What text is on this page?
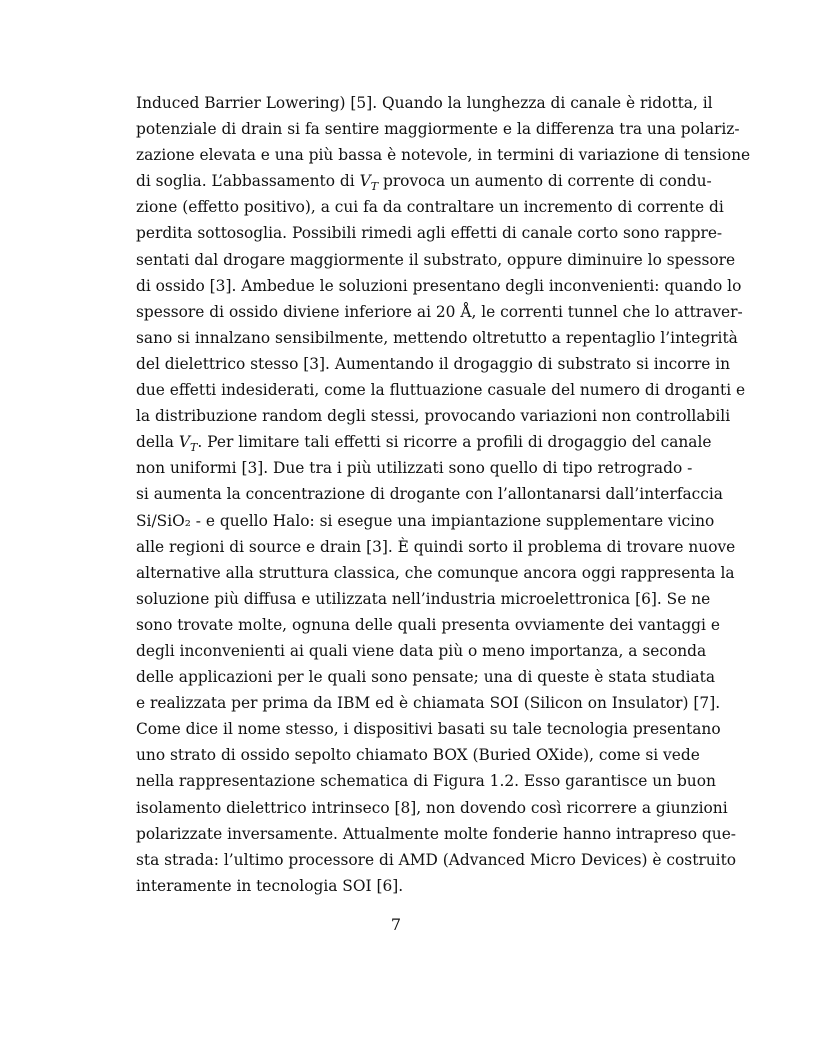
Induced Barrier Lowering) [5]. Quando la lunghezza di canale è ridotta, il
potenziale di drain si fa sentire maggiormente e la differenza tra una polariz-
zazione elevata e una più bassa è notevole, in termini di variazione di tensione
di soglia. L’abbassamento di $V_T$ provoca un aumento di corrente di condu-
zione (effetto positivo), a cui fa da contraltare un incremento di corrente di
perdita sottosoglia. Possibili rimedi agli effetti di canale corto sono rappre-
sentati dal drogare maggiormente il substrato, oppure diminuire lo spessore
di ossido [3]. Ambedue le soluzioni presentano degli inconvenienti: quando lo
spessore di ossido diviene inferiore ai 20 Å, le correnti tunnel che lo attraver-
sano si innalzano sensibilmente, mettendo oltretutto a repentaglio l’integrità
del dielettrico stesso [3]. Aumentando il drogaggio di substrato si incorre in
due effetti indesiderati, come la fluttuazione casuale del numero di droganti e
la distribuzione random degli stessi, provocando variazioni non controllabili
della $V_T$. Per limitare tali effetti si ricorre a profili di drogaggio del canale
non uniformi [3]. Due tra i più utilizzati sono quello di tipo retrogrado -
si aumenta la concentrazione di drogante con l’allontanarsi dall’interfaccia
Si/SiO₂ - e quello Halo: si esegue una impiantazione supplementare vicino
alle regioni di source e drain [3]. È quindi sorto il problema di trovare nuove
alternative alla struttura classica, che comunque ancora oggi rappresenta la
soluzione più diffusa e utilizzata nell’industria microelettronica [6]. Se ne
sono trovate molte, ognuna delle quali presenta ovviamente dei vantaggi e
degli inconvenienti ai quali viene data più o meno importanza, a seconda
delle applicazioni per le quali sono pensate; una di queste è stata studiata
e realizzata per prima da IBM ed è chiamata SOI (Silicon on Insulator) [7].
Come dice il nome stesso, i dispositivi basati su tale tecnologia presentano
uno strato di ossido sepolto chiamato BOX (Buried OXide), come si vede
nella rappresentazione schematica di Figura 1.2. Esso garantisce un buon
isolamento dielettrico intrinseco [8], non dovendo così ricorrere a giunzioni
polarizzate inversamente. Attualmente molte fonderie hanno intrapreso que-
sta strada: l’ultimo processore di AMD (Advanced Micro Devices) è costruito
interamente in tecnologia SOI [6].
7
